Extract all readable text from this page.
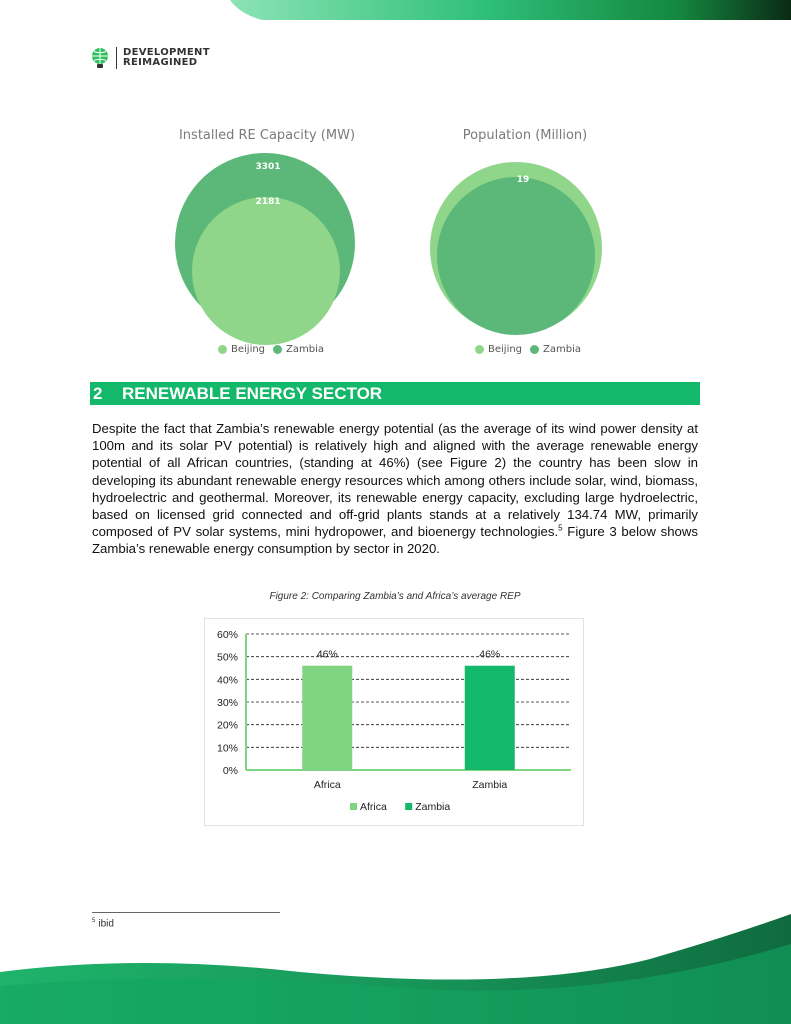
DEVELOPMENT
REIMAGINED
Installed RE Capacity (MW)
3301
2181
Beijing Zambia
Population (Million)
21.84
19
Beijing Zambia
2	RENEWABLE ENERGY SECTOR

Despite the fact that Zambia’s renewable energy potential (as the average of its wind power density at 100m and its solar PV potential) is relatively high and aligned with the average renewable energy potential of all African countries, (standing at 46%) (see Figure 2) the country has been slow in developing its abundant renewable energy resources which among others include solar, wind, biomass, hydroelectric and geothermal. Moreover, its renewable energy capacity, excluding large hydroelectric, based on licensed grid connected and off-grid plants stands at a relatively 134.74 MW, primarily composed of PV solar systems, mini hydropower, and bioenergy technologies.$^5$ Figure 3 below shows Zambia’s renewable energy consumption by sector in 2020.

Figure 2: Comparing Zambia’s and Africa’s average REP
0%
10%
20%
30%
40%
50%
60%
46%
Africa
46%
Zambia
Africa	Zambia
$^5$ ibid
